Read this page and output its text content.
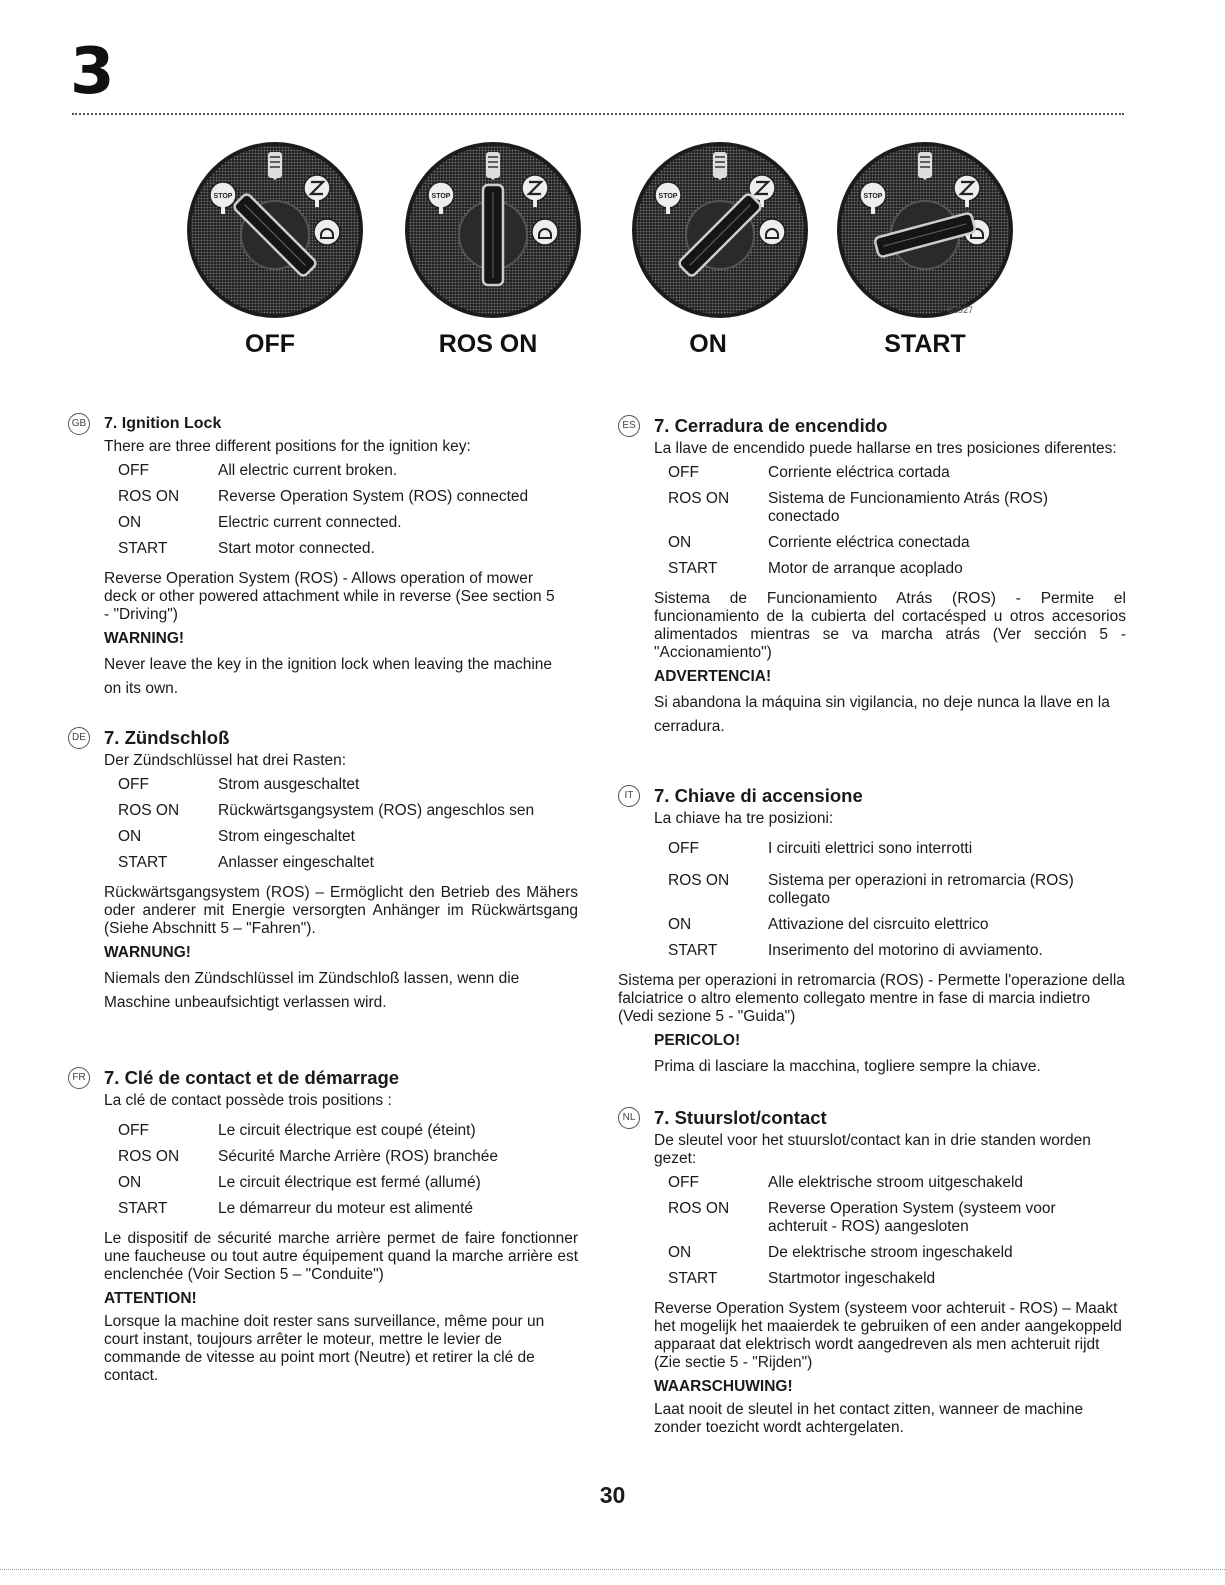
3
STOP	STOP	STOP	STOP
02927
OFF	ROS ON	ON	START
GB 7. Ignition Lock

There are three different positions for the ignition key:

OFF	All electric current broken.
ROS ON	Reverse Operation System (ROS) connected
ON	Electric current connected.
START	Start motor connected.

Reverse Operation System (ROS) - Allows operation of mower deck or other powered attachment while in reverse (See section 5 - "Driving")

WARNING!

Never leave the key in the ignition lock when leaving the machine on its own.

DE 7. Zündschloß

Der Zündschlüssel hat drei Rasten:

OFF	Strom ausgeschaltet
ROS ON	Rückwärtsgangsystem (ROS) angeschlos sen
ON	Strom eingeschaltet
START	Anlasser eingeschaltet

Rückwärtsgangsystem (ROS) – Ermöglicht den Betrieb des Mähers oder anderer mit Energie versorgten Anhänger im Rückwärtsgang (Siehe Abschnitt 5 – "Fahren").

WARNUNG!

Niemals den Zündschlüssel im Zündschloß lassen, wenn die Maschine unbeaufsichtigt verlassen wird.

FR 7. Clé de contact et de démarrage

La clé de contact possède trois positions :

OFF	Le circuit électrique est coupé (éteint)
ROS ON	Sécurité Marche Arrière (ROS) branchée
ON	Le circuit électrique est fermé (allumé)
START	Le démarreur du moteur est alimenté

Le dispositif de sécurité marche arrière permet de faire fonctionner une faucheuse ou tout autre équipement quand la marche arrière est enclenchée (Voir Section 5 – "Conduite")

ATTENTION!

Lorsque la machine doit rester sans surveillance, même pour un court instant, toujours arrêter le moteur, mettre le levier de commande de vitesse au point mort (Neutre) et retirer la clé de contact.

ES 7. Cerradura de encendido

La llave de encendido puede hallarse en tres posiciones diferentes:

OFF	Corriente eléctrica cortada
ROS ON	Sistema de Funcionamiento Atrás (ROS) conectado
ON	Corriente eléctrica conectada
START	Motor de arranque acoplado

Sistema de Funcionamiento Atrás (ROS) - Permite el funcionamiento de la cubierta del cortacésped u otros accesorios alimentados mientras se va marcha atrás (Ver sección 5 - "Accionamiento")

ADVERTENCIA!

Si abandona la máquina sin vigilancia, no deje nunca la llave en la cerradura.

IT	7. Chiave di accensione

La chiave ha tre posizioni:

OFF	I circuiti elettrici sono interrotti
ROS ON	Sistema per operazioni in retromarcia (ROS) collegato
ON	Attivazione del cisrcuito elettrico
START	Inserimento del motorino di avviamento.

Sistema per operazioni in retromarcia (ROS) - Permette l'operazione della falciatrice o altro elemento collegato mentre in fase di marcia indietro (Vedi sezione 5 - "Guida")

PERICOLO!

Prima di lasciare la macchina, togliere sempre la chiave.

NL 7. Stuurslot/contact

De sleutel voor het stuurslot/contact kan in drie standen worden gezet:

OFF	Alle elektrische stroom uitgeschakeld
ROS ON	Reverse Operation System (systeem voor achteruit - ROS) aangesloten
ON	De elektrische stroom ingeschakeld
START	Startmotor ingeschakeld

Reverse Operation System (systeem voor achteruit - ROS) – Maakt het mogelijk het maaierdek te gebruiken of een ander aangekoppeld apparaat dat elektrisch wordt aangedreven als men achteruit rijdt (Zie sectie 5 - "Rijden")

WAARSCHUWING!

Laat nooit de sleutel in het contact zitten, wanneer de machine zonder toezicht wordt achtergelaten.

30
